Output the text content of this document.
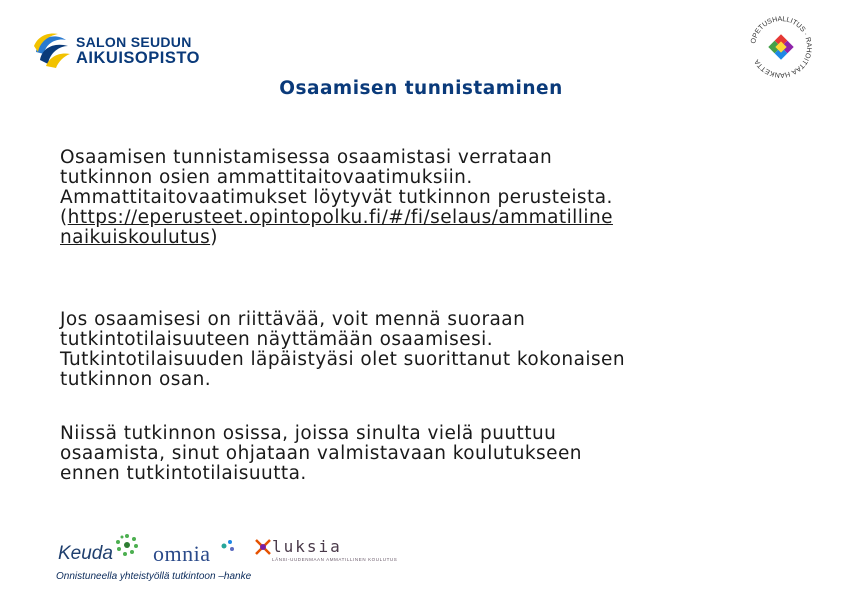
SALON SEUDUN
AIKUISOPISTO
OPETUSHALLITUS · RAHOITTAA HANKETTA
Osaamisen tunnistaminen
Osaamisen tunnistamisessa osaamistasi verrataan
tutkinnon osien ammattitaitovaatimuksiin.
Ammattitaitovaatimukset löytyvät tutkinnon perusteista.
(https://eperusteet.opintopolku.fi/#/fi/selaus/ammatilline
naikuiskoulutus)
Jos osaamisesi on riittävää, voit mennä suoraan
tutkintotilaisuuteen näyttämään osaamisesi.
Tutkintotilaisuuden läpäistyäsi olet suorittanut kokonaisen
tutkinnon osan.
Niissä tutkinnon osissa, joissa sinulta vielä puuttuu
osaamista, sinut ohjataan valmistavaan koulutukseen
ennen tutkintotilaisuutta.
Keuda omnia	luksia
LÄNSI-UUDENMAAN AMMATILLINEN KOULUTUS
Onnistuneella yhteistyöllä tutkintoon –hanke
